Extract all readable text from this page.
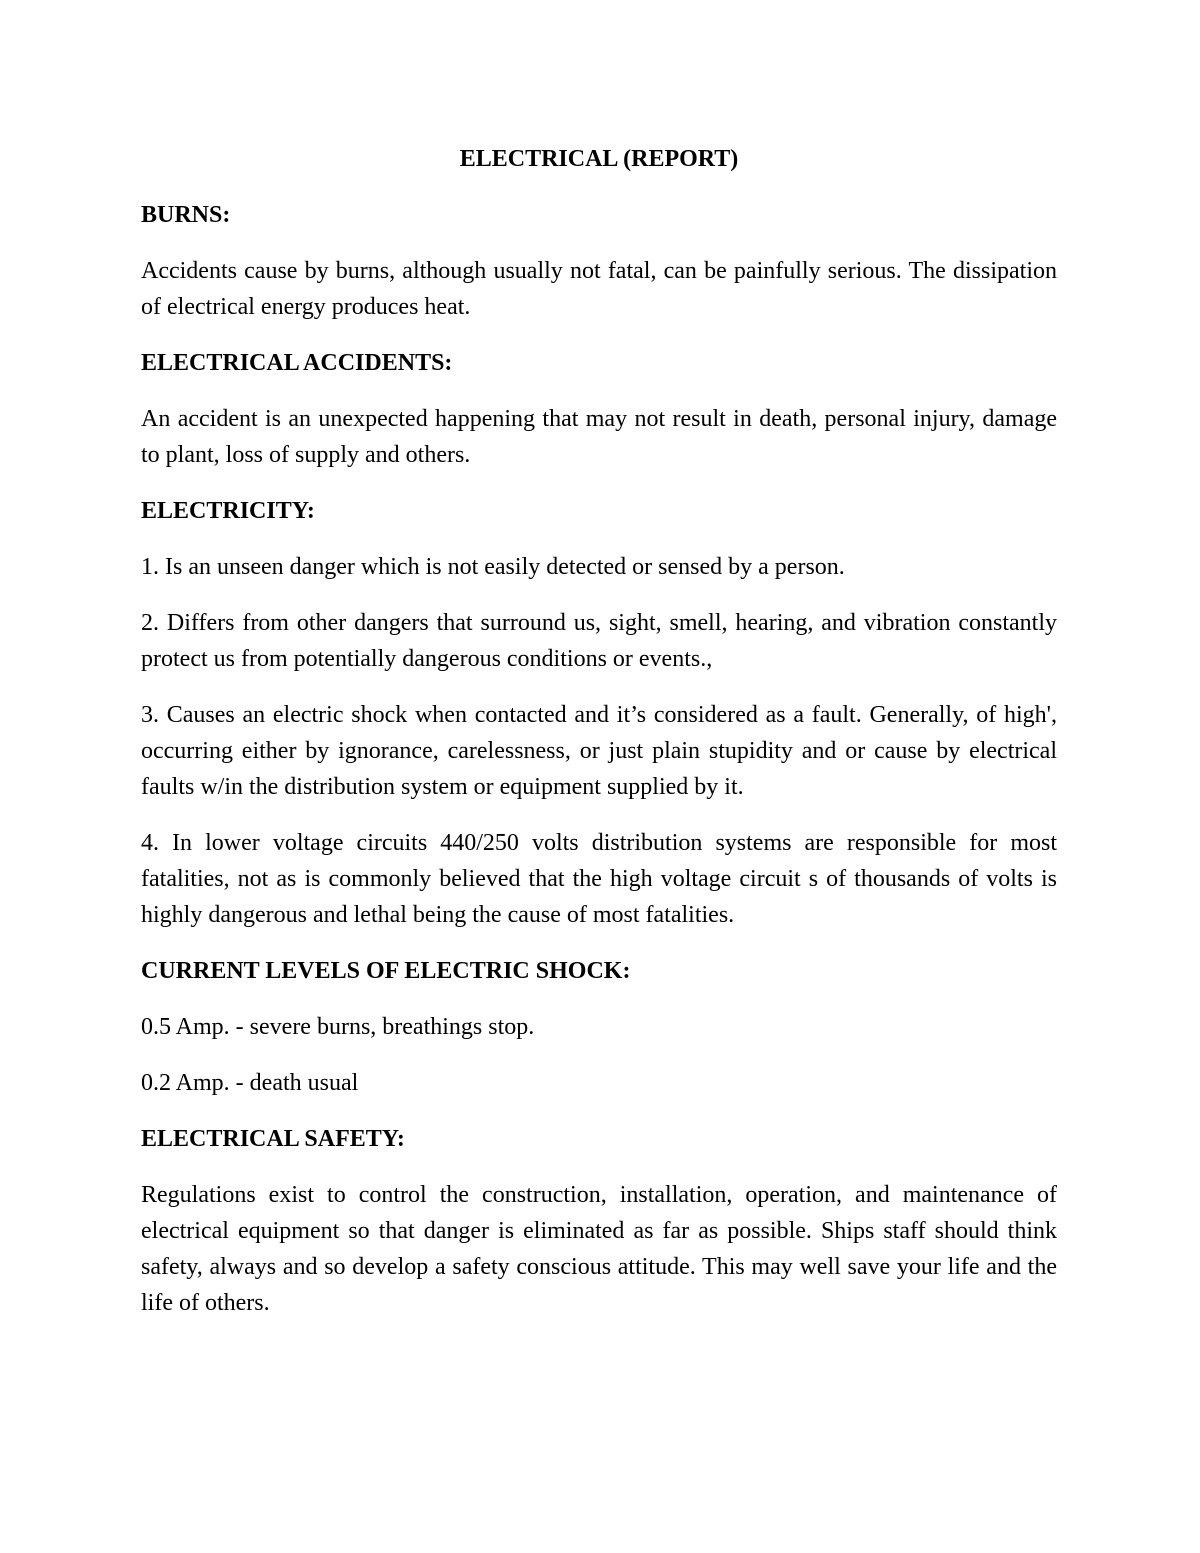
ELECTRICAL (REPORT)
BURNS:

Accidents cause by burns, although usually not fatal, can be painfully serious. The dissipation of electrical energy produces heat.

ELECTRICAL ACCIDENTS:

An accident is an unexpected happening that may not result in death, personal injury, damage to plant, loss of supply and others.

ELECTRICITY:

1. Is an unseen danger which is not easily detected or sensed by a person.

2. Differs from other dangers that surround us, sight, smell, hearing, and vibration constantly protect us from potentially dangerous conditions or events.,

3. Causes an electric shock when contacted and it’s considered as a fault. Generally, of high', occurring either by ignorance, carelessness, or just plain stupidity and or cause by electrical faults w/in the distribution system or equipment supplied by it.

4. In lower voltage circuits 440/250 volts distribution systems are responsible for most fatalities, not as is commonly believed that the high voltage circuit s of thousands of volts is highly dangerous and lethal being the cause of most fatalities.

CURRENT LEVELS OF ELECTRIC SHOCK:

0.5 Amp. - severe burns, breathings stop.

0.2 Amp. - death usual

ELECTRICAL SAFETY:

Regulations exist to control the construction, installation, operation, and maintenance of electrical equipment so that danger is eliminated as far as possible. Ships staff should think safety, always and so develop a safety conscious attitude. This may well save your life and the life of others.
